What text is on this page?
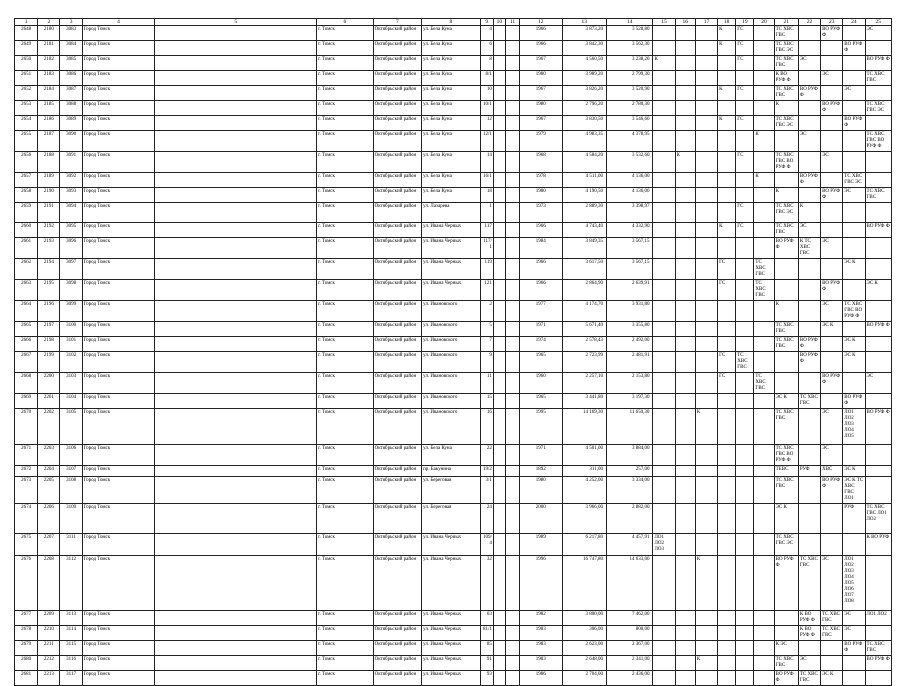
1	2	3	4	5	6	7	8	9	10	11	12	13	14	15	16	17	18	19	20	21	22	23	24	25
2648	2180	3083	Город Томск		г. Томск	Октябрьский район	ул. Бела Куна	4			1966	3 873,20	3 528,80				К	ГС		ТС ХВС ГВС		ВО РУФ Ф		ЭС
2649	2181	3084	Город Томск		г. Томск	Октябрьский район	ул. Бела Куна	6			1966	3 842,30	3 562,30				К	ГС		ТС ХВС ГВС ЭС			ВО РУФ Ф	
2650	2182	3085	Город Томск		г. Томск	Октябрьский район	ул. Бела Куна	8			1967	4 560,50	3 238,20	К				ГС		ТС ХВС ГВС	ЭС			ВО РУФ Ф
2651	2183	3086	Город Томск		г. Томск	Октябрьский район	ул. Бела Куна	8/1			1980	3 989,20	2 799,30							К ВО РУФ Ф		ЭС		ТС ХВС ГВС
2652	2184	3087	Город Томск		г. Томск	Октябрьский район	ул. Бела Куна	10			1967	3 826,20	3 520,90				К	ГС		ТС ХВС ГВС	ВО РУФ Ф		ЭС	
2653	2185	3088	Город Томск		г. Томск	Октябрьский район	ул. Бела Куна	10/1			1980	2 796,20	2 780,30							К		ВО РУФ Ф		ТС ХВС ГВС ЭС
2654	2186	3089	Город Томск		г. Томск	Октябрьский район	ул. Бела Куна	12			1967	3 830,50	3 546,60				К	ГС		ТС ХВС ГВС ЭС			ВО РУФ Ф	
2655	2187	3090	Город Томск		г. Томск	Октябрьский район	ул. Бела Куна	12/1			1979	4 983,35	4 378,95						К		ЭС			ТС ХВС ГВС ВО РУФ Ф
2656	2188	3091	Город Томск		г. Томск	Октябрьский район	ул. Бела Куна	14			1968	4 584,20	3 532,60		К			ГС		ТС ХВС ГВС ВО РУФ Ф		ЭС		
2657	2189	3092	Город Томск		г. Томск	Октябрьский район	ул. Бела Куна	16/1			1978	4 511,00	4 136,00						К		ВО РУФ Ф		ТС ХВС ГВС ЭС	
2658	2190	3093	Город Томск		г. Томск	Октябрьский район	ул. Бела Куна	18			1980	4 190,50	4 136,00							К		ВО РУФ Ф	ЭС	ТС ХВС ГВС
2659	2191	3094	Город Томск		г. Томск	Октябрьский район	ул. Лазарева	1			1973	2 889,30	3 398,97					ГС		ТС ХВС ГВС ЭС	К			
2660	2192	3095	Город Томск		г. Томск	Октябрьский район	ул. Ивана Черных	117			1966	4 743,40	4 332,90				К	ГС		ТС ХВС ГВС	ЭС			ВО РУФ Ф
2661	2193	3096	Город Томск		г. Томск	Октябрьский район	ул. Ивана Черных	117/1			1984	3 849,35	3 567,15							ВО РУФ Ф	К ТС ХВС ГВС	ЭС		
2662	2194	3097	Город Томск		г. Томск	Октябрьский район	ул. Ивана Черных	119			1966	3 617,50	3 567,15				ГС		ТС ХВС ГВС				ЭС К	
2663	2195	3098	Город Томск		г. Томск	Октябрьский район	ул. Ивана Черных	121			1966	2 864,90	2 639,91				ГС		ТС ХВС ГВС			ВО РУФ Ф		ЭС К
2664	2196	3099	Город Томск		г. Томск	Октябрьский район	ул. Ивановского	2			1977	4 174,70	3 931,80							К		ЭС	ТС ХВС ГВС ВО РУФ Ф	
2665	2197	3100	Город Томск		г. Томск	Октябрьский район	ул. Ивановского	5			1971	5 671,40	3 355,80							ТС ХВС ГВС		ЭС К		ВО РУФ Ф
2666	2198	3101	Город Томск		г. Томск	Октябрьский район	ул. Ивановского	7			1974	2 578,43	2 492,00							ТС ХВС ГВС	ВО РУФ Ф		ЭС К	
2667	2199	3102	Город Томск		г. Томск	Октябрьский район	ул. Ивановского	9			1965	2 723,99	2 481,91				ГС	ТС ХВС ГВС			ВО РУФ Ф		ЭС К	
2668	2200	3103	Город Томск		г. Томск	Октябрьский район	ул. Ивановского	11			1960	2 257,10	2 153,80				ГС		ТС ХВС ГВС			ВО РУФ Ф		ЭС
2669	2201	3104	Город Томск		г. Томск	Октябрьский район	ул. Ивановского	15			1965	3 441,80	3 197,30							ЭС К	ТС ХВС ГВС		ВО РУФ Ф	
2670	2202	3105	Город Томск		г. Томск	Октябрьский район	ул. Ивановского	16			1995	14 169,30	11 650,30			К				ТС ХВС ГВС		ЭС	ЛО1 ЛО2 ЛО3 ЛО4 ЛО5	ВО РУФ Ф
2671	2203	3106	Город Томск		г. Томск	Октябрьский район	ул. Бела Куна	22			1971	4 501,00	3 884,00							ТС ХВС ГВС ВО РУФ Ф		ЭС		
2672	2204	3107	Город Томск		г. Томск	Октябрьский район	пр. Бакунина	19/2			1892	311,00	257,00							ТЕВС	РУФ	ХВС	ЭС К	
2673	2205	3108	Город Томск		г. Томск	Октябрьский район	ул. Береговая	3/1			1980	4 252,00	3 334,00							ТС ХВС ГВС		ВО РУФ Ф	ЭС К ТС ХВС ГВС ЛО1	
2674	2206	3109	Город Томск		г. Томск	Октябрьский район	ул. Береговая	24			2000	3 966,00	2 882,00							ЭС К			РУФ	ТС ХВС ГВС ЛО1 ЛО2
2675	2207	3111	Город Томск		г. Томск	Октябрьский район	ул. Ивана Черных	109/4			1989	6 217,80	4 457,91	ЛО1 ЛО2 ЛО3						ТС ХВС ГВС ЭС				К ВО РУФ
2676	2208	3112	Город Томск		г. Томск	Октябрьский район	ул. Ивана Черных	32			1996	16 747,80	14 633,00			К				ВО РУФ Ф	ТС ХВС ГВС	ЭС	ЛО1 ЛО2 ЛО3 ЛО4 ЛО5 ЛО6 ЛО7 ЛО8	
2677	2209	3113	Город Томск		г. Томск	Октябрьский район	ул. Ивана Черных	63			1982	3 800,00	7 462,00								К ВО РУФ Ф	ТС ХВС ГВС	ЭС	ЛО1 ЛО2
2678	2210	3114	Город Томск		г. Томск	Октябрьский район	ул. Ивана Черных	81/1			1983	306,00	800,00								К ВО РУФ Ф	ТС ХВС ГВС	ЭС	
2679	2211	3115	Город Томск		г. Томск	Октябрьский район	ул. Ивана Черных	85			1983	2 623,00	2 367,00							К ЭС			ВО РУФ Ф	ТС ХВС ГВС
2680	2212	3116	Город Томск		г. Томск	Октябрьский район	ул. Ивана Черных	91			1983	2 648,00	2 341,00			К				ТС ХВС ГВС	ЭС			ВО РУФ Ф
2681	2213	3117	Город Томск		г. Томск	Октябрьский район	ул. Ивана Черных	93			1986	2 704,00	2 436,00							ВО РУФ Ф	ТС ХВС ГВС	ЭС К		
